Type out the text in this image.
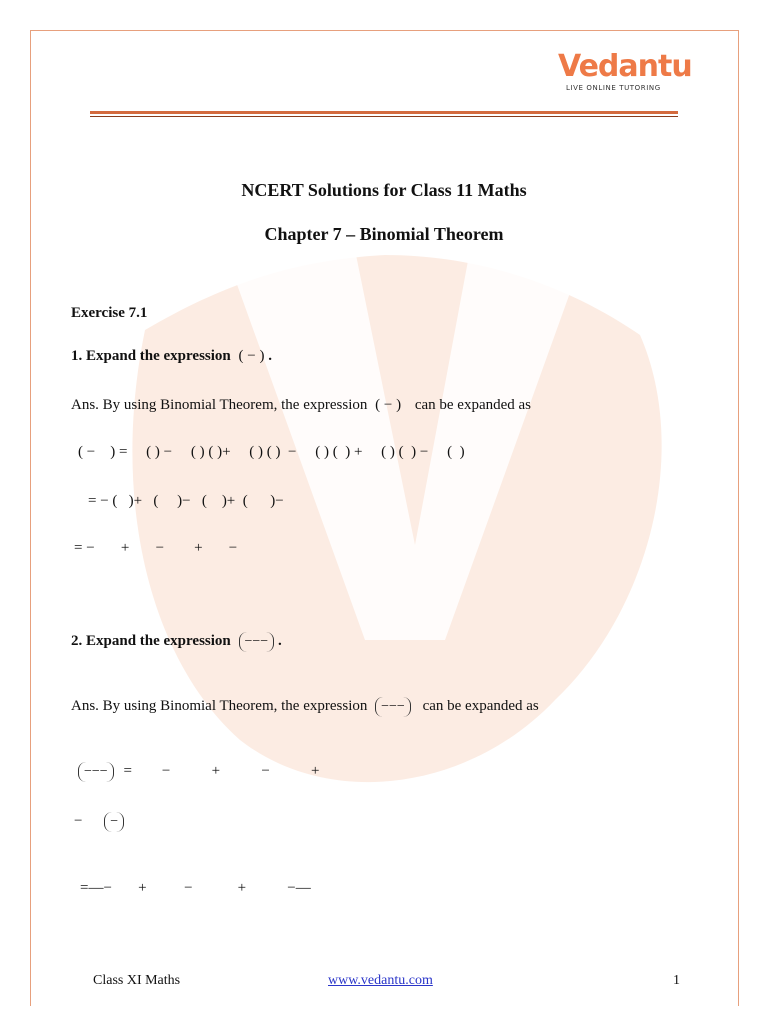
Vedantu
LIVE ONLINE TUTORING
NCERT Solutions for Class 11 Maths
Chapter 7 – Binomial Theorem
Exercise 7.1
1. Expand the expression ( − ) .
Ans. By using Binomial Theorem, the expression ( − ) can be expanded as
( −    ) =     ( ) −     ( ) ( )+     ( ) ( )  −     ( ) (  ) +     ( ) (  ) −     (  )
= − (   )+   (     )−   (    )+  (      )−
= −       +       −        +       −
2. Expand the expression −−− .
Ans. By using Binomial Theorem, the expression −−− can be expanded as
−−− =        −           +           −           +
− −
=—−       +          −            +           −—
Class XI Maths	www.vedantu.com	1
